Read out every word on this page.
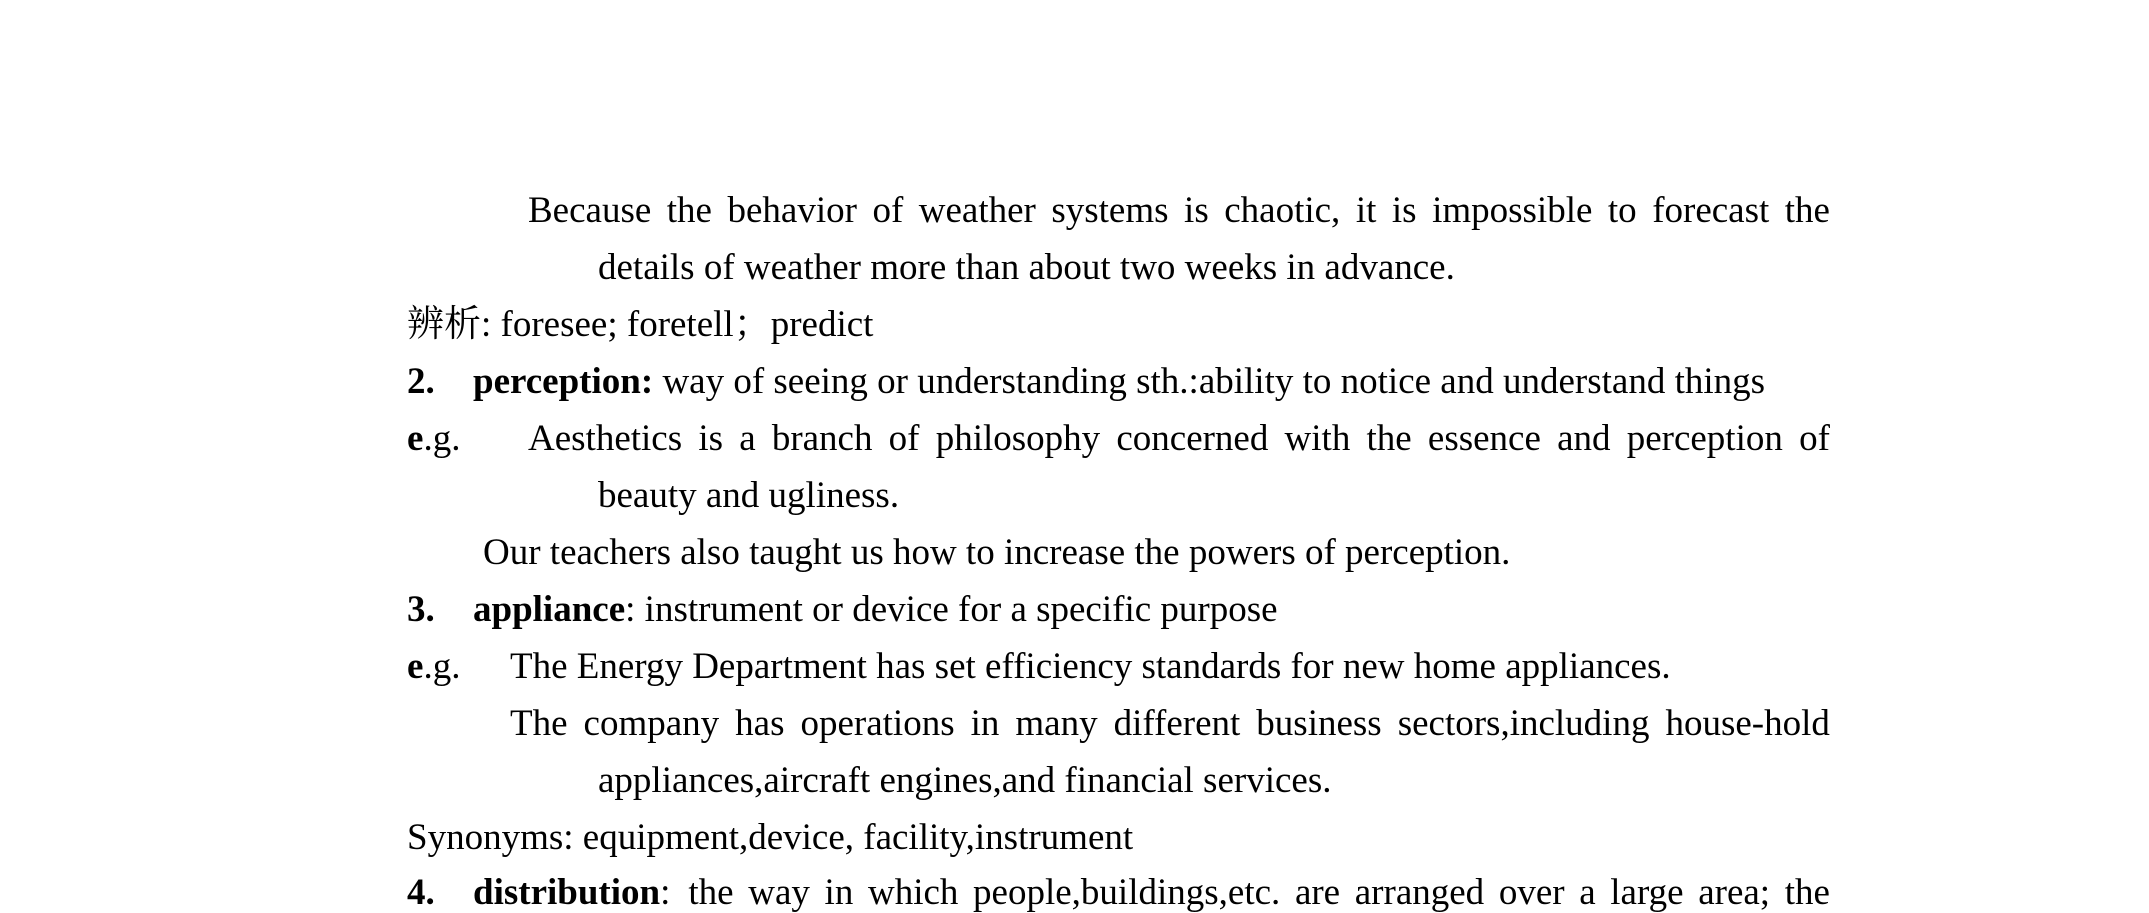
Because the behavior of weather systems is chaotic, it is impossible to forecast the
details of weather more than about two weeks in advance.
辨析: foresee; foretell；predict
2. perception: way of seeing or understanding sth.:ability to notice and understand things
e.g. Aesthetics is a branch of philosophy concerned with the essence and perception of
beauty and ugliness.
Our teachers also taught us how to increase the powers of perception.
3. appliance: instrument or device for a specific purpose
e.g. The Energy Department has set efficiency standards for new home appliances.
The company has operations in many different business sectors,including house-hold
appliances,aircraft engines,and financial services.
Synonyms: equipment,device, facility,instrument
4.	distribution : the way in which people,buildings,etc. are arranged over a large area; the
